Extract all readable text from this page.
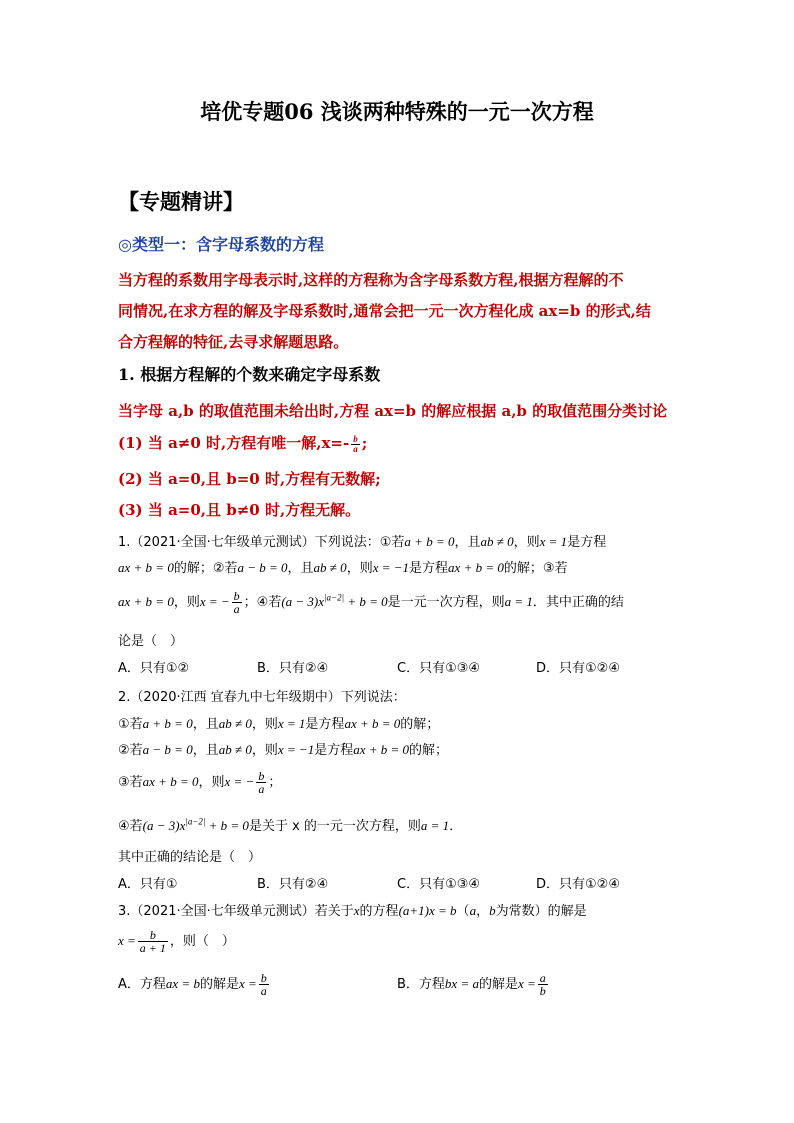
培优专题06 浅谈两种特殊的一元一次方程
【专题精讲】
◎类型一：含字母系数的方程
当方程的系数用字母表示时,这样的方程称为含字母系数方程,根据方程解的不
同情况,在求方程的解及字母系数时,通常会把一元一次方程化成 ax=b 的形式,结
合方程解的特征,去寻求解题思路。
1. 根据方程解的个数来确定字母系数
当字母 a,b 的取值范围未给出时,方程 ax=b 的解应根据 a,b 的取值范围分类讨论
(1) 当 a≠0 时,方程有唯一解$,x=- \frac{b}{a}$ ;
(2) 当 a=0,且 b=0 时,方程有无数解;
(3) 当 a=0,且 b≠0 时,方程无解。
1.（2021·全国·七年级单元测试）下列说法：①若a + b = 0，且ab ≠ 0，则x = 1是方程
ax + b = 0的解；②若a − b = 0，且ab ≠ 0，则x = −1是方程ax + b = 0的解；③若
ax + b = 0，则x = − $\frac{b}{a}$ ；④若$(a - 3)x^{|a-2|} + b = 0$是一元一次方程，则a = 1．其中正确的结
论是（　）
A．只有①②	B．只有②④	C．只有①③④	D．只有①②④
2.（2020·江西 宜春九中七年级期中）下列说法：
①若a + b = 0，且ab ≠ 0，则x = 1是方程ax + b = 0的解；
②若a − b = 0，且ab ≠ 0，则x = −1是方程ax + b = 0的解；
③若ax + b = 0，则x = − $\frac{b}{a}$ ；
④若$(a - 3)x^{|a-2|} + b = 0$是关于 x 的一元一次方程，则a = 1．
其中正确的结论是（　）
A．只有①	B．只有②④	C．只有①③④	D．只有①②④
3.（2021·全国·七年级单元测试）若关于x的方程(a+1)x = b（a，b为常数）的解是
$x = \frac{b}{a + 1}$ ，则（　）
A．方程ax = b的解是$x = \frac{b}{a}$	B．方程bx = a的解是$x = \frac{a}{b}$
